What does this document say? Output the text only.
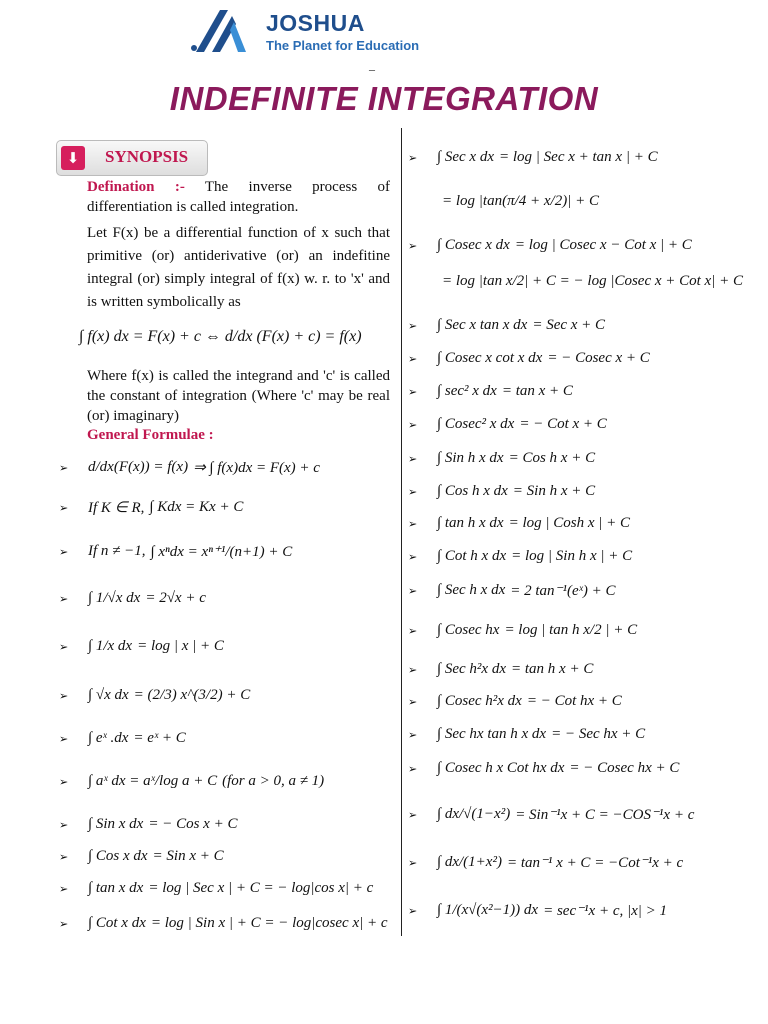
JOSHUA
The Planet for Education
–
INDEFINITE INTEGRATION
⬇	SYNOPSIS
Defination :- The inverse process of differentiation is called integration.
Let F(x) be a differential function of x such that primitive (or) antiderivative (or) an indefitine integral (or) simply integral of f(x) w. r. to 'x' and is written symbolically as
∫ f(x) dx = F(x) + c ⇔ d/dx (F(x) + c) = f(x)
Where f(x) is called the integrand and 'c' is called the constant of integration (Where 'c' may be real (or) imaginary)
General Formulae :
➢ d/dx(F(x)) = f(x) ⇒ ∫ f(x)dx = F(x) + c
➢ If K ∈ R, ∫ Kdx = Kx + C
➢ If n ≠ −1, ∫ xⁿdx = xⁿ⁺¹/(n+1) + C
➢ ∫ 1/√x dx = 2√x + c
➢ ∫ 1/x dx = log | x | + C
➢ ∫ √x dx = (2/3) x^(3/2) + C
➢ ∫ eˣ .dx = eˣ + C
➢ ∫ aˣ dx = aˣ/log a + C (for a > 0, a ≠ 1)
➢ ∫ Sin x dx = − Cos x + C
➢ ∫ Cos x dx = Sin x + C
➢ ∫ tan x dx = log | Sec x | + C = − log|cos x| + c
➢ ∫ Cot x dx = log | Sin x | + C = − log|cosec x| + c
➢ ∫ Sec x dx = log | Sec x + tan x | + C
= log |tan(π/4 + x/2)| + C
➢ ∫ Cosec x dx = log | Cosec x − Cot x | + C
= log |tan x/2| + C = − log |Cosec x + Cot x| + C
➢ ∫ Sec x tan x dx = Sec x + C
➢ ∫ Cosec x cot x dx = − Cosec x + C
➢ ∫ sec² x dx = tan x + C
➢ ∫ Cosec² x dx = − Cot x + C
➢ ∫ Sin h x dx = Cos h x + C
➢ ∫ Cos h x dx = Sin h x + C
➢ ∫ tan h x dx = log | Cosh x | + C
➢ ∫ Cot h x dx = log | Sin h x | + C
➢ ∫ Sec h x dx = 2 tan⁻¹(eˣ) + C
➢ ∫ Cosec hx = log | tan h x/2 | + C
➢ ∫ Sec h²x dx = tan h x + C
➢ ∫ Cosec h²x dx = − Cot hx + C
➢ ∫ Sec hx tan h x dx = − Sec hx + C
➢ ∫ Cosec h x Cot hx dx = − Cosec hx + C
➢ ∫ dx/√(1−x²) = Sin⁻¹x + C = −COS⁻¹x + c
➢ ∫ dx/(1+x²) = tan⁻¹ x + C = −Cot⁻¹x + c
➢ ∫ 1/(x√(x²−1)) dx = sec⁻¹x + c, |x| > 1
